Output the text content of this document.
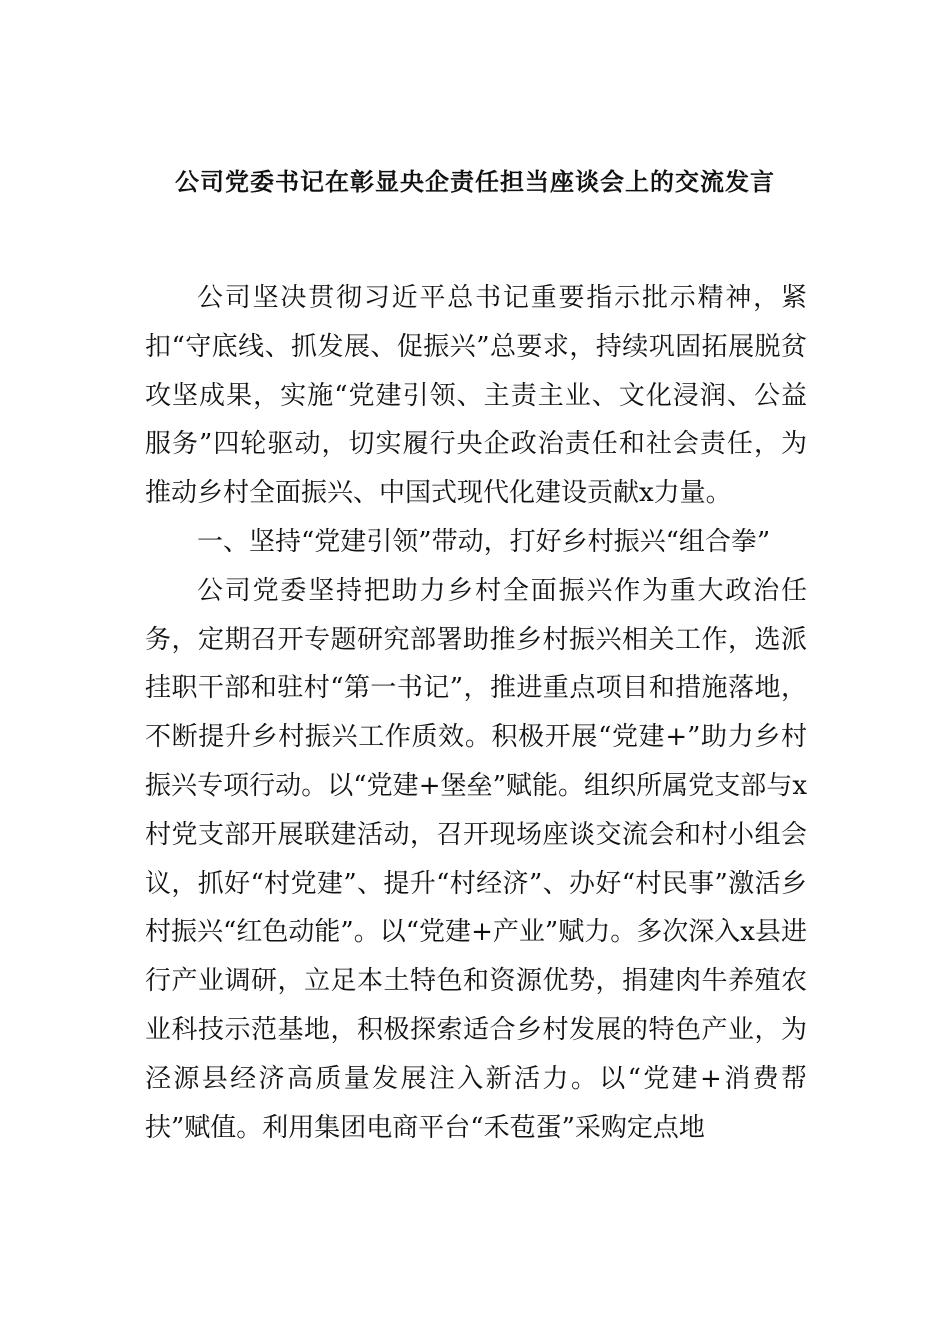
公司党委书记在彰显央企责任担当座谈会上的交流发言

公司坚决贯彻习近平总书记重要指示批示精神，紧扣“守底线、抓发展、促振兴”总要求，持续巩固拓展脱贫攻坚成果，实施“党建引领、主责主业、文化浸润、公益服务”四轮驱动，切实履行央企政治责任和社会责任，为推动乡村全面振兴、中国式现代化建设贡献x力量。

一、坚持“党建引领”带动，打好乡村振兴“组合拳”

公司党委坚持把助力乡村全面振兴作为重大政治任务，定期召开专题研究部署助推乡村振兴相关工作，选派挂职干部和驻村“第一书记”，推进重点项目和措施落地，不断提升乡村振兴工作质效。积极开展“党建+”助力乡村振兴专项行动。以“党建+堡垒”赋能。组织所属党支部与x村党支部开展联建活动，召开现场座谈交流会和村小组会议，抓好“村党建”、提升“村经济”、办好“村民事”激活乡村振兴“红色动能”。以“党建+产业”赋力。多次深入x县进行产业调研，立足本土特色和资源优势，捐建肉牛养殖农业科技示范基地，积极探索适合乡村发展的特色产业，为泾源县经济高质量发展注入新活力。以“党建+消费帮扶”赋值。利用集团电商平台“禾苞蛋”采购定点地
